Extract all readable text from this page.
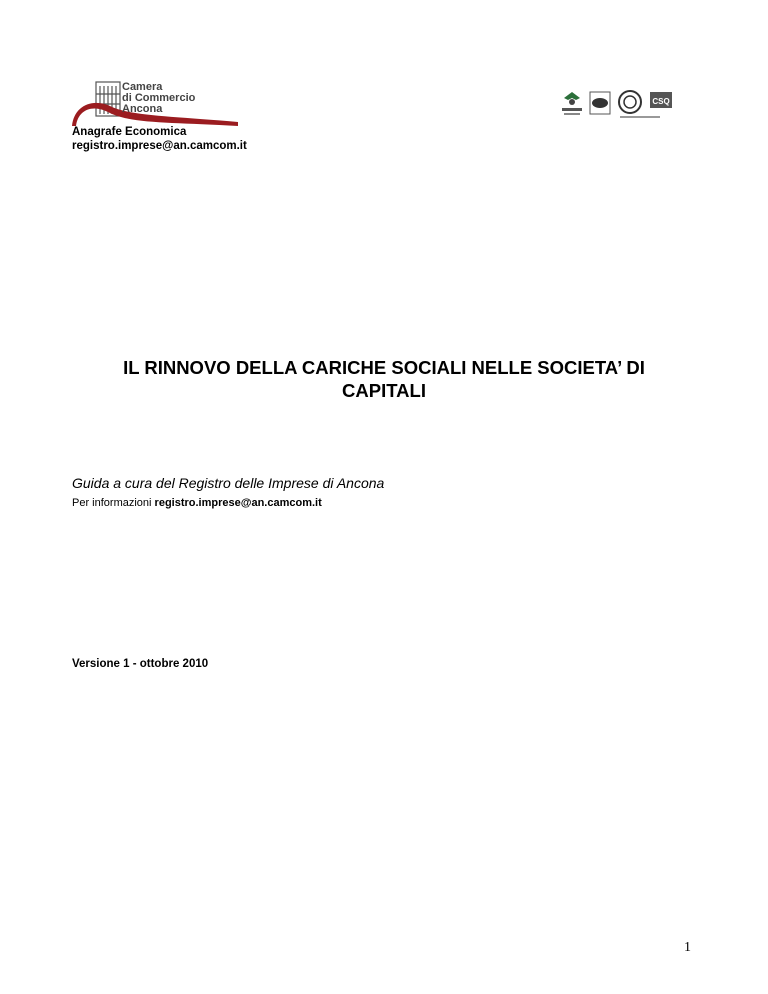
Camera
di Commercio
Ancona
Anagrafe Economica
registro.imprese@an.camcom.it
CSQ
IL RINNOVO DELLA CARICHE SOCIALI NELLE SOCIETA’ DI
CAPITALI
Guida a cura del Registro delle Imprese di Ancona
Per informazioni registro.imprese@an.camcom.it
Versione 1 - ottobre 2010
1
